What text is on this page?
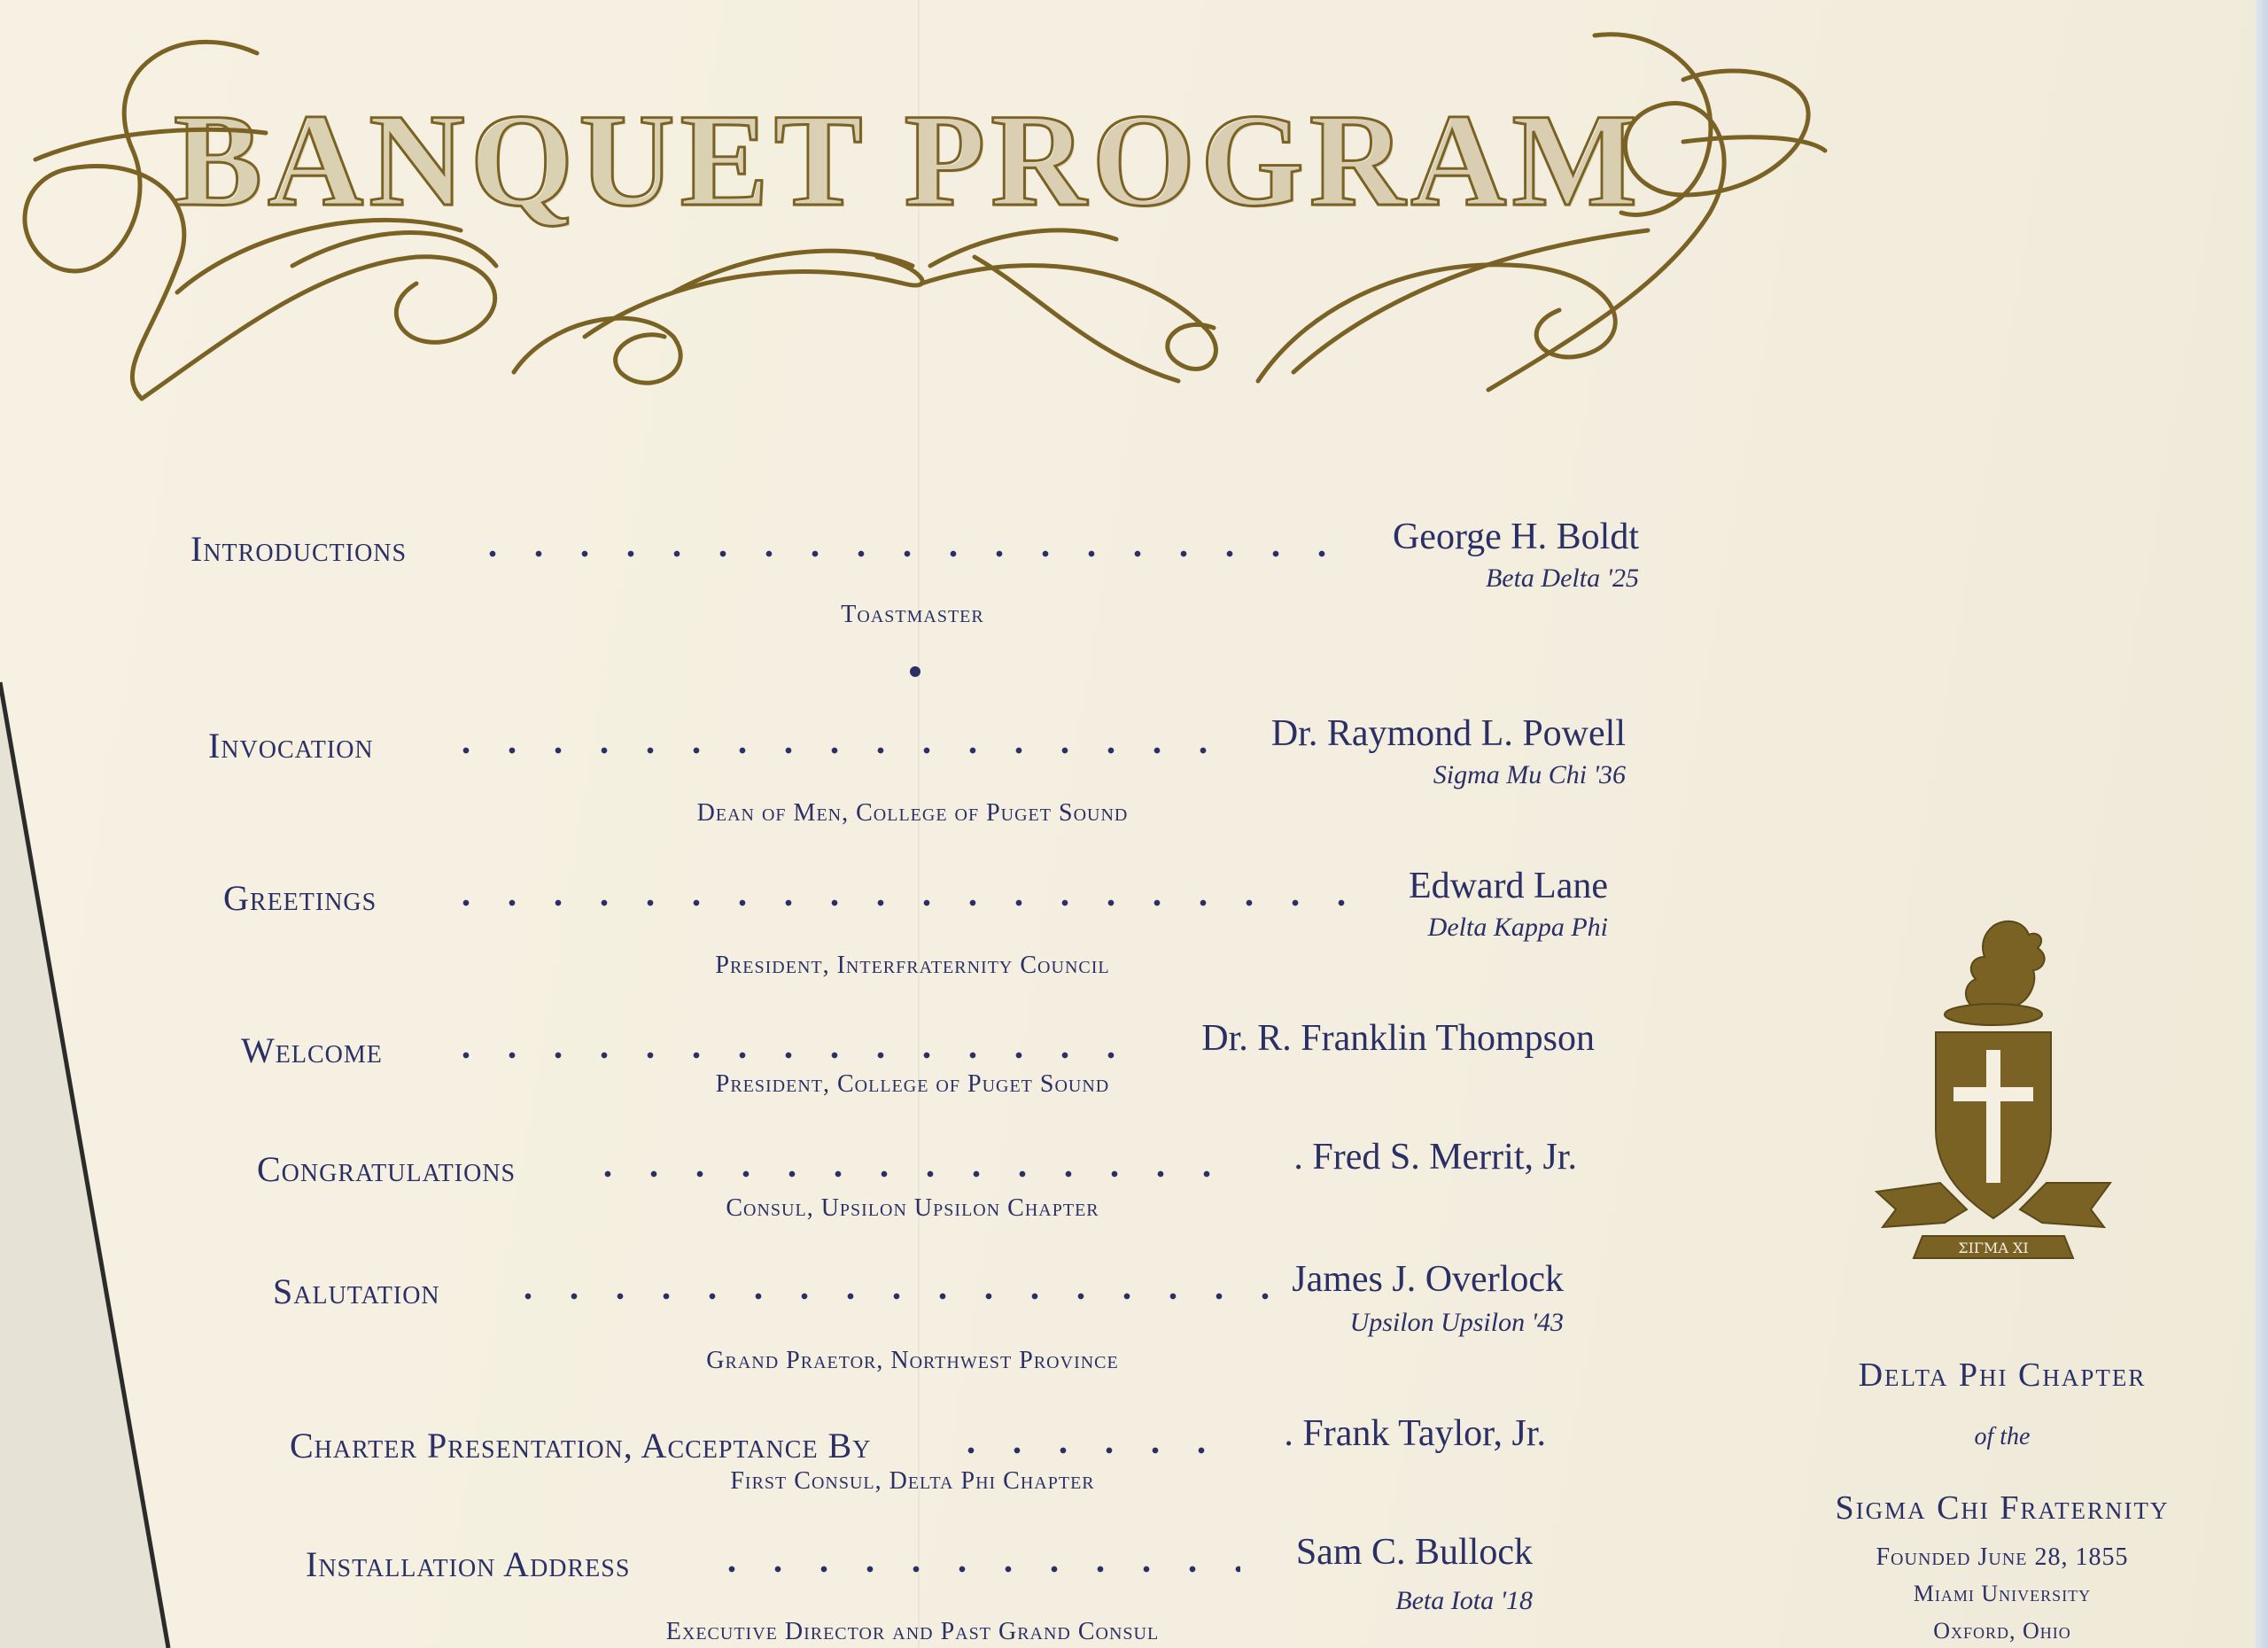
BANQUET PROGRAM
Introductions	George H. Boldt
Beta Delta '25
Toastmaster
Invocation	Dr. Raymond L. Powell
Sigma Mu Chi '36
Dean of Men, College of Puget Sound
Greetings	Edward Lane
Delta Kappa Phi
President, Interfraternity Council
Welcome	Dr. R. Franklin Thompson
President, College of Puget Sound
Congratulations	. Fred S. Merrit, Jr.
Consul, Upsilon Upsilon Chapter
Salutation	James J. Overlock
Upsilon Upsilon '43
Grand Praetor, Northwest Province
Charter Presentation, Acceptance By	. Frank Taylor, Jr.
First Consul, Delta Phi Chapter
Installation Address	Sam C. Bullock
Beta Iota '18
Executive Director and Past Grand Consul
ΣΙΓΜΑ ΧΙ
Delta Phi Chapter
of the
Sigma Chi Fraternity
Founded June 28, 1855
Miami University
Oxford, Ohio
